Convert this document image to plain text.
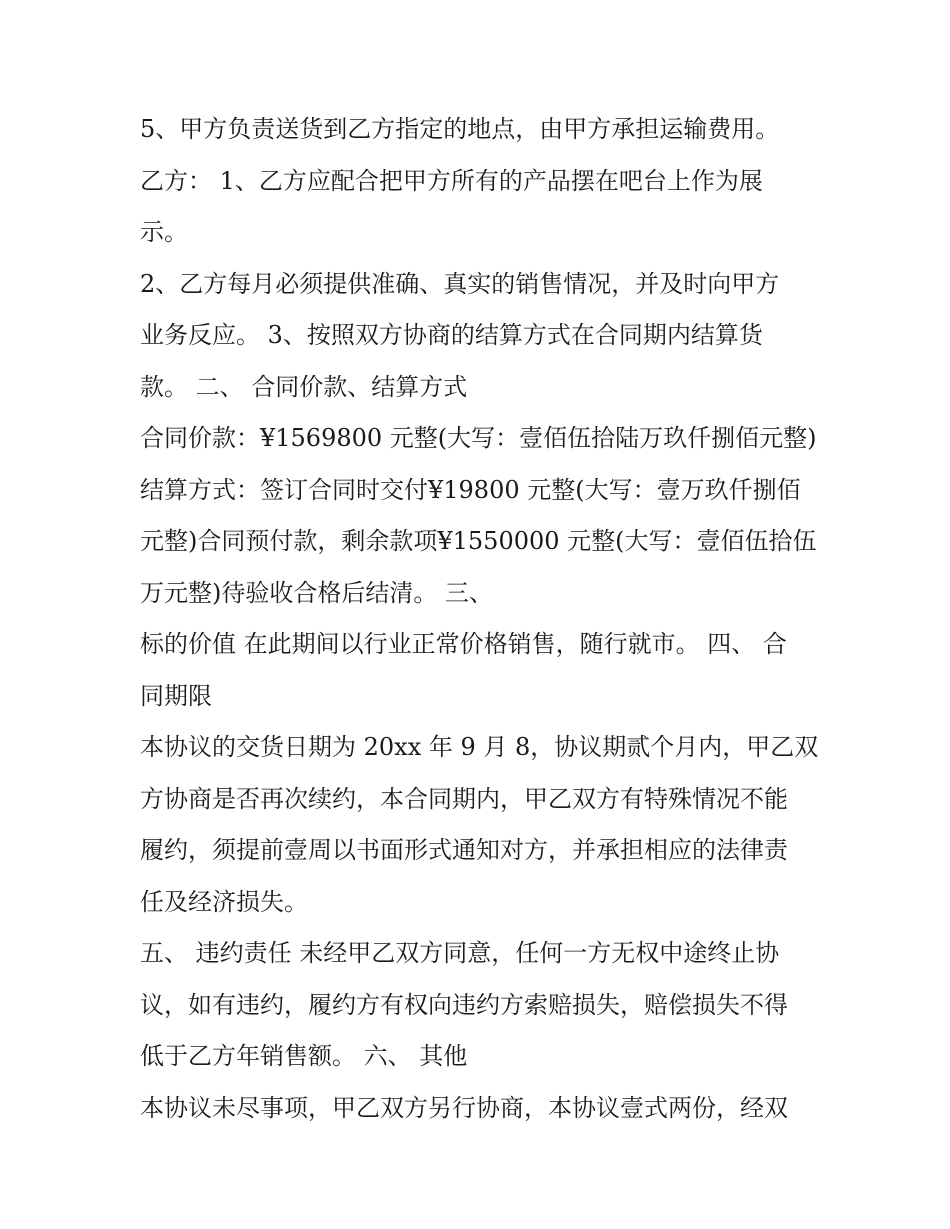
5、甲方负责送货到乙方指定的地点，由甲方承担运输费用。
乙方： 1、乙方应配合把甲方所有的产品摆在吧台上作为展
示。
2、乙方每月必须提供准确、真实的销售情况，并及时向甲方
业务反应。 3、按照双方协商的结算方式在合同期内结算货
款。 二、 合同价款、结算方式
合同价款：¥1569800 元整(大写：壹佰伍拾陆万玖仟捌佰元整)
结算方式：签订合同时交付¥19800 元整(大写：壹万玖仟捌佰
元整)合同预付款，剩余款项¥1550000 元整(大写：壹佰伍拾伍
万元整)待验收合格后结清。 三、
标的价值 在此期间以行业正常价格销售，随行就市。 四、 合
同期限
本协议的交货日期为 20xx 年 9 月 8，协议期贰个月内，甲乙双
方协商是否再次续约，本合同期内，甲乙双方有特殊情况不能
履约，须提前壹周以书面形式通知对方，并承担相应的法律责
任及经济损失。
五、 违约责任 未经甲乙双方同意，任何一方无权中途终止协
议，如有违约，履约方有权向违约方索赔损失，赔偿损失不得
低于乙方年销售额。 六、 其他
本协议未尽事项，甲乙双方另行协商，本协议壹式两份，经双
